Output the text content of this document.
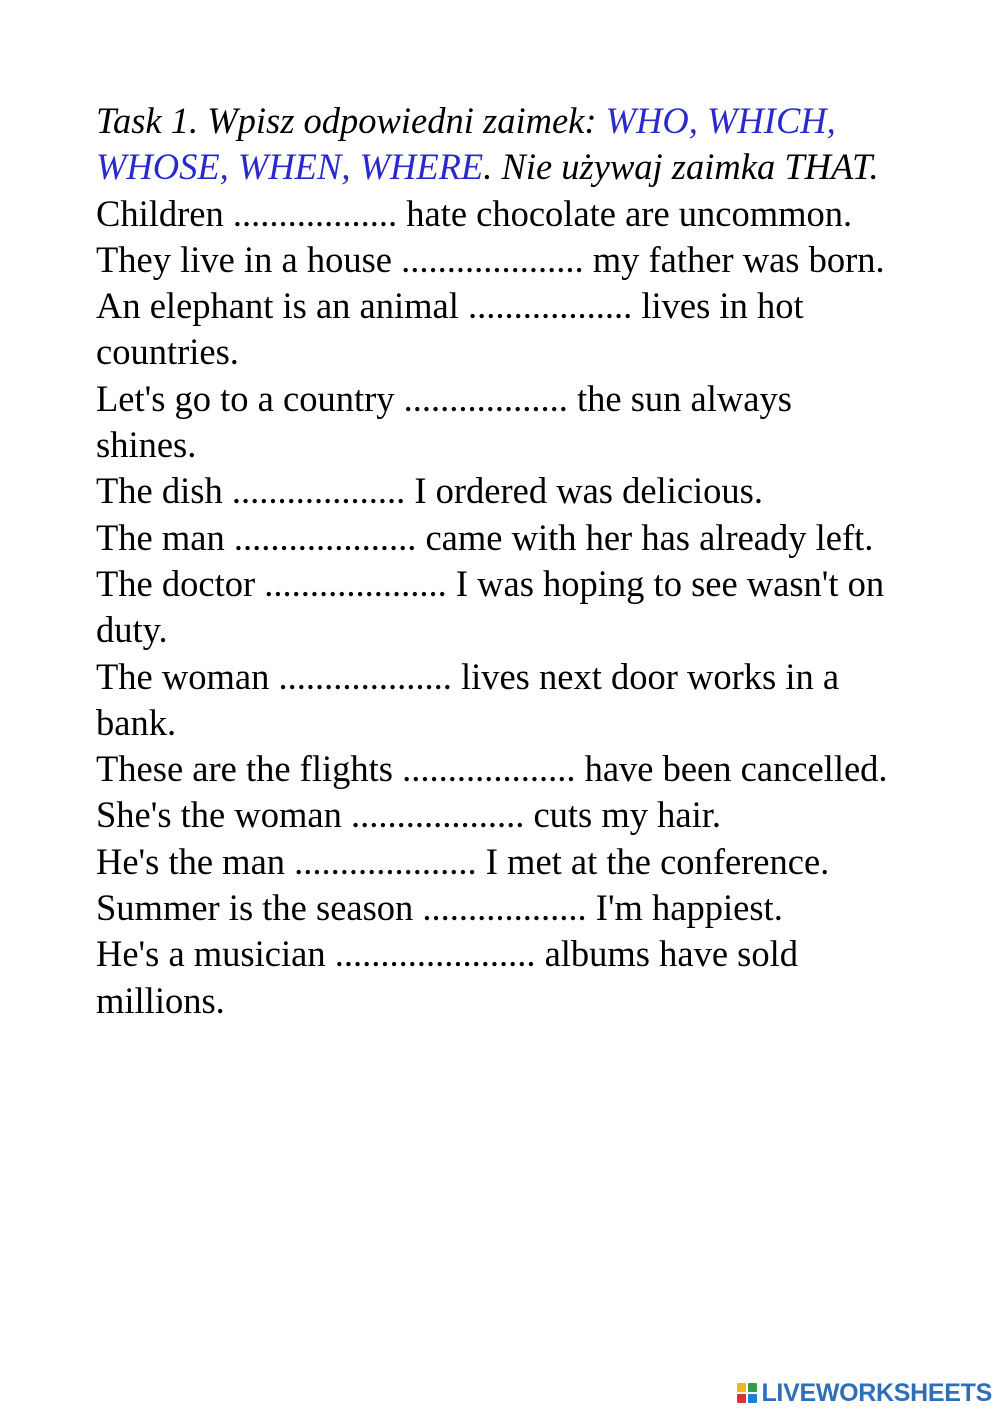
Task 1. Wpisz odpowiedni zaimek: WHO, WHICH, WHOSE, WHEN, WHERE. Nie używaj zaimka THAT.

Children .................. hate chocolate are uncommon.

They live in a house .................... my father was born.

An elephant is an animal .................. lives in hot countries.

Let's go to a country .................. the sun always shines.

The dish ................... I ordered was delicious.

The man .................... came with her has already left.

The doctor .................... I was hoping to see wasn't on duty.

The woman ................... lives next door works in a bank.

These are the flights ................... have been cancelled.

She's the woman ................... cuts my hair.

He's the man .................... I met at the conference.

Summer is the season .................. I'm happiest.

He's a musician ...................... albums have sold millions.

LIVEWORKSHEETS
